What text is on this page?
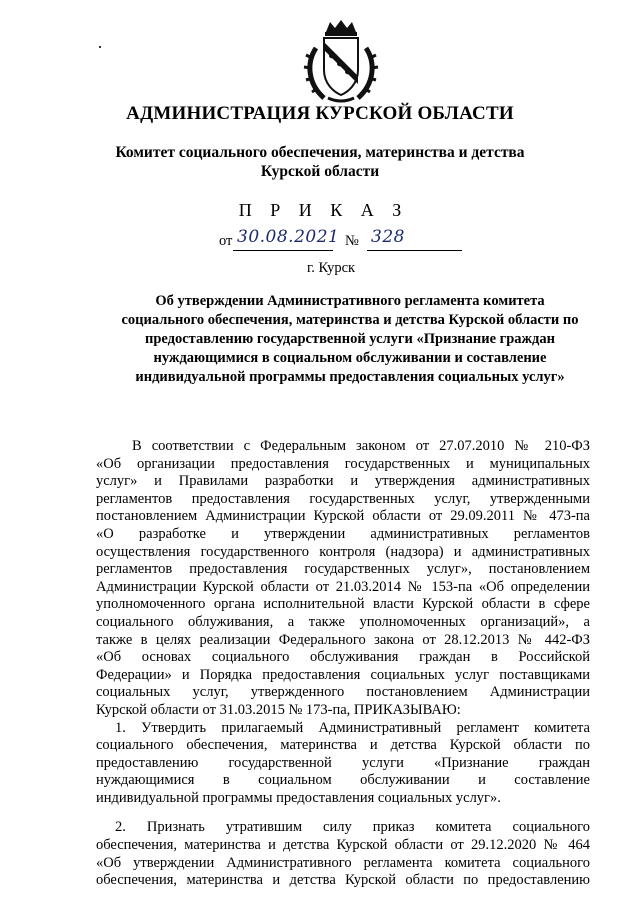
АДМИНИСТРАЦИЯ КУРСКОЙ ОБЛАСТИ
Комитет социального обеспечения, материнства и детства
Курской области
П Р И К А З
от 30.08.2021 № 328
г. Курск
Об утверждении Административного регламента комитета
социального обеспечения, материнства и детства Курской области по
предоставлению государственной услуги «Признание граждан
нуждающимися в социальном обслуживании и составление
индивидуальной программы предоставления социальных услуг»
В соответствии с Федеральным законом от 27.07.2010 № 210-ФЗ
«Об организации предоставления государственных и муниципальных
услуг» и Правилами разработки и утверждения административных
регламентов предоставления государственных услуг, утвержденными
постановлением Администрации Курской области от 29.09.2011 № 473-па
«О разработке и утверждении административных регламентов
осуществления государственного контроля (надзора) и административных
регламентов предоставления государственных услуг», постановлением
Администрации Курской области от 21.03.2014 № 153-па «Об определении
уполномоченного органа исполнительной власти Курской области в сфере
социального облуживания, а также уполномоченных организаций», а
также в целях реализации Федерального закона от 28.12.2013 № 442-ФЗ
«Об основах социального обслуживания граждан в Российской
Федерации» и Порядка предоставления социальных услуг поставщиками
социальных услуг, утвержденного постановлением Администрации
Курской области от 31.03.2015 № 173-па, ПРИКАЗЫВАЮ:
1. Утвердить прилагаемый Административный регламент комитета
социального обеспечения, материнства и детства Курской области по
предоставлению государственной услуги «Признание граждан
нуждающимися в социальном обслуживании и составление
индивидуальной программы предоставления социальных услуг».
2. Признать утратившим силу приказ комитета социального
обеспечения, материнства и детства Курской области от 29.12.2020 № 464
«Об утверждении Административного регламента комитета социального
обеспечения, материнства и детства Курской области по предоставлению
